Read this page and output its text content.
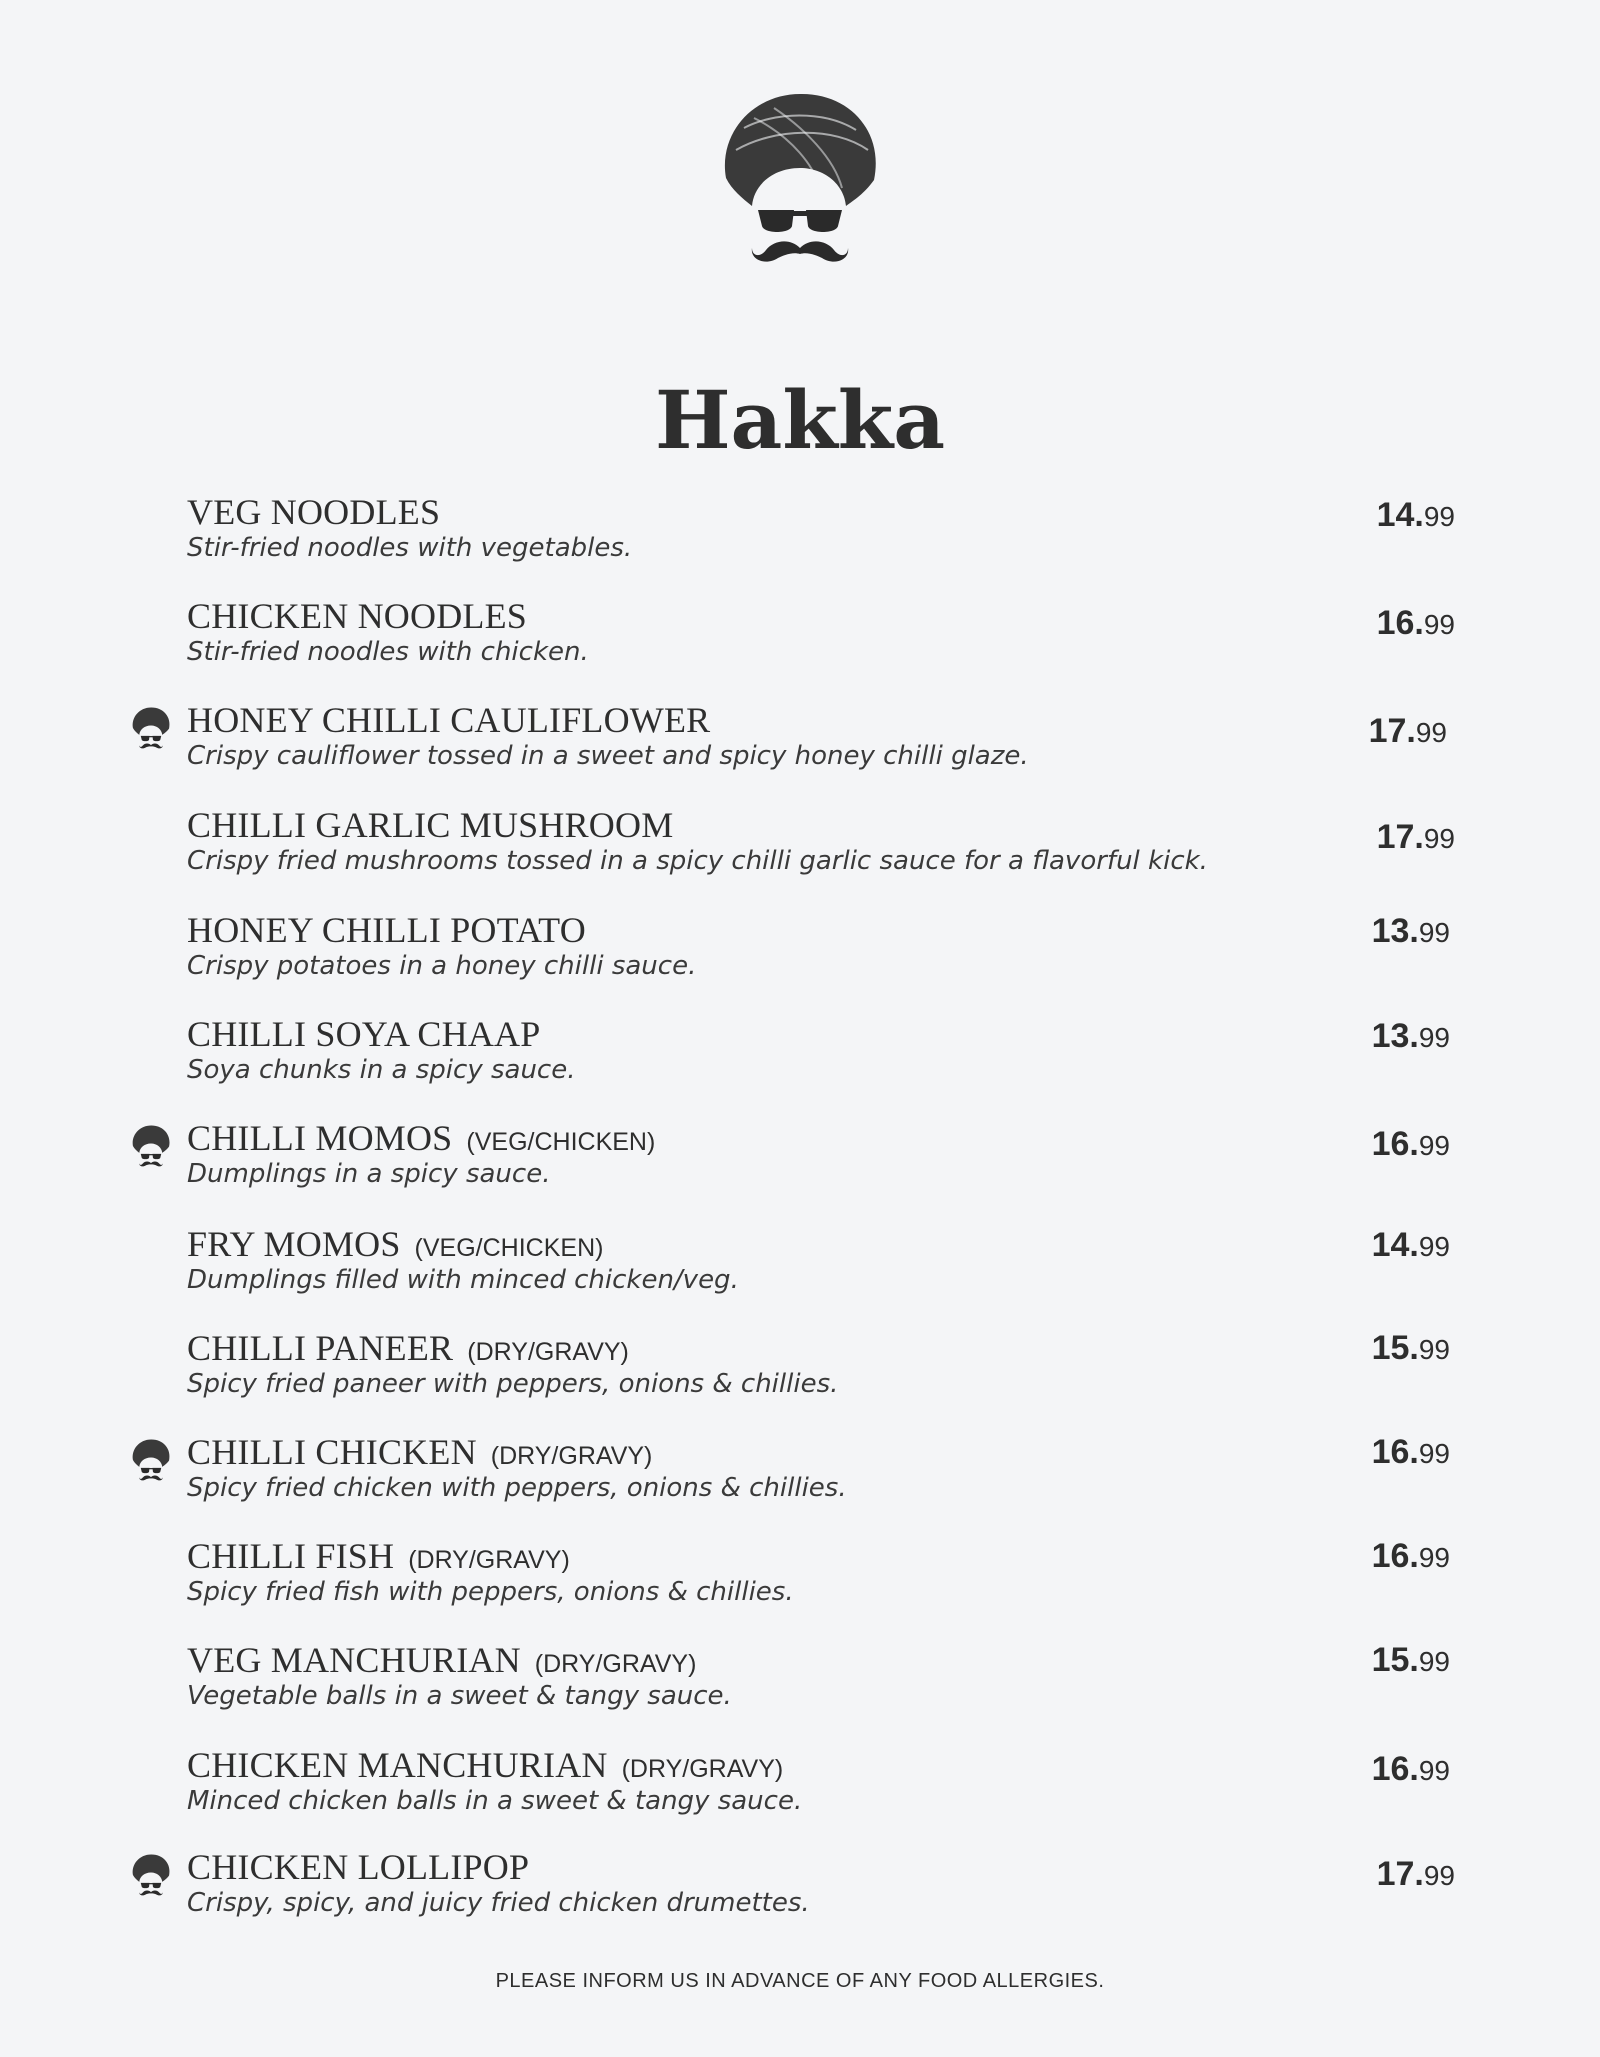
Hakka
VEG NOODLES
Stir-fried noodles with vegetables.
14.99
CHICKEN NOODLES
Stir-fried noodles with chicken.
16.99
HONEY CHILLI CAULIFLOWER
Crispy cauliflower tossed in a sweet and spicy honey chilli glaze.
17.99
CHILLI GARLIC MUSHROOM
Crispy fried mushrooms tossed in a spicy chilli garlic sauce for a flavorful kick.
17.99
HONEY CHILLI POTATO
Crispy potatoes in a honey chilli sauce.
13.99
CHILLI SOYA CHAAP
Soya chunks in a spicy sauce.
13.99
CHILLI MOMOS (VEG/CHICKEN)
Dumplings in a spicy sauce.
16.99
FRY MOMOS (VEG/CHICKEN)
Dumplings filled with minced chicken/veg.
14.99
CHILLI PANEER (DRY/GRAVY)
Spicy fried paneer with peppers, onions & chillies.
15.99
CHILLI CHICKEN (DRY/GRAVY)
Spicy fried chicken with peppers, onions & chillies.
16.99
CHILLI FISH (DRY/GRAVY)
Spicy fried fish with peppers, onions & chillies.
16.99
VEG MANCHURIAN (DRY/GRAVY)
Vegetable balls in a sweet & tangy sauce.
15.99
CHICKEN MANCHURIAN (DRY/GRAVY)
Minced chicken balls in a sweet & tangy sauce.
16.99
CHICKEN LOLLIPOP
Crispy, spicy, and juicy fried chicken drumettes.
17.99
PLEASE INFORM US IN ADVANCE OF ANY FOOD ALLERGIES.
